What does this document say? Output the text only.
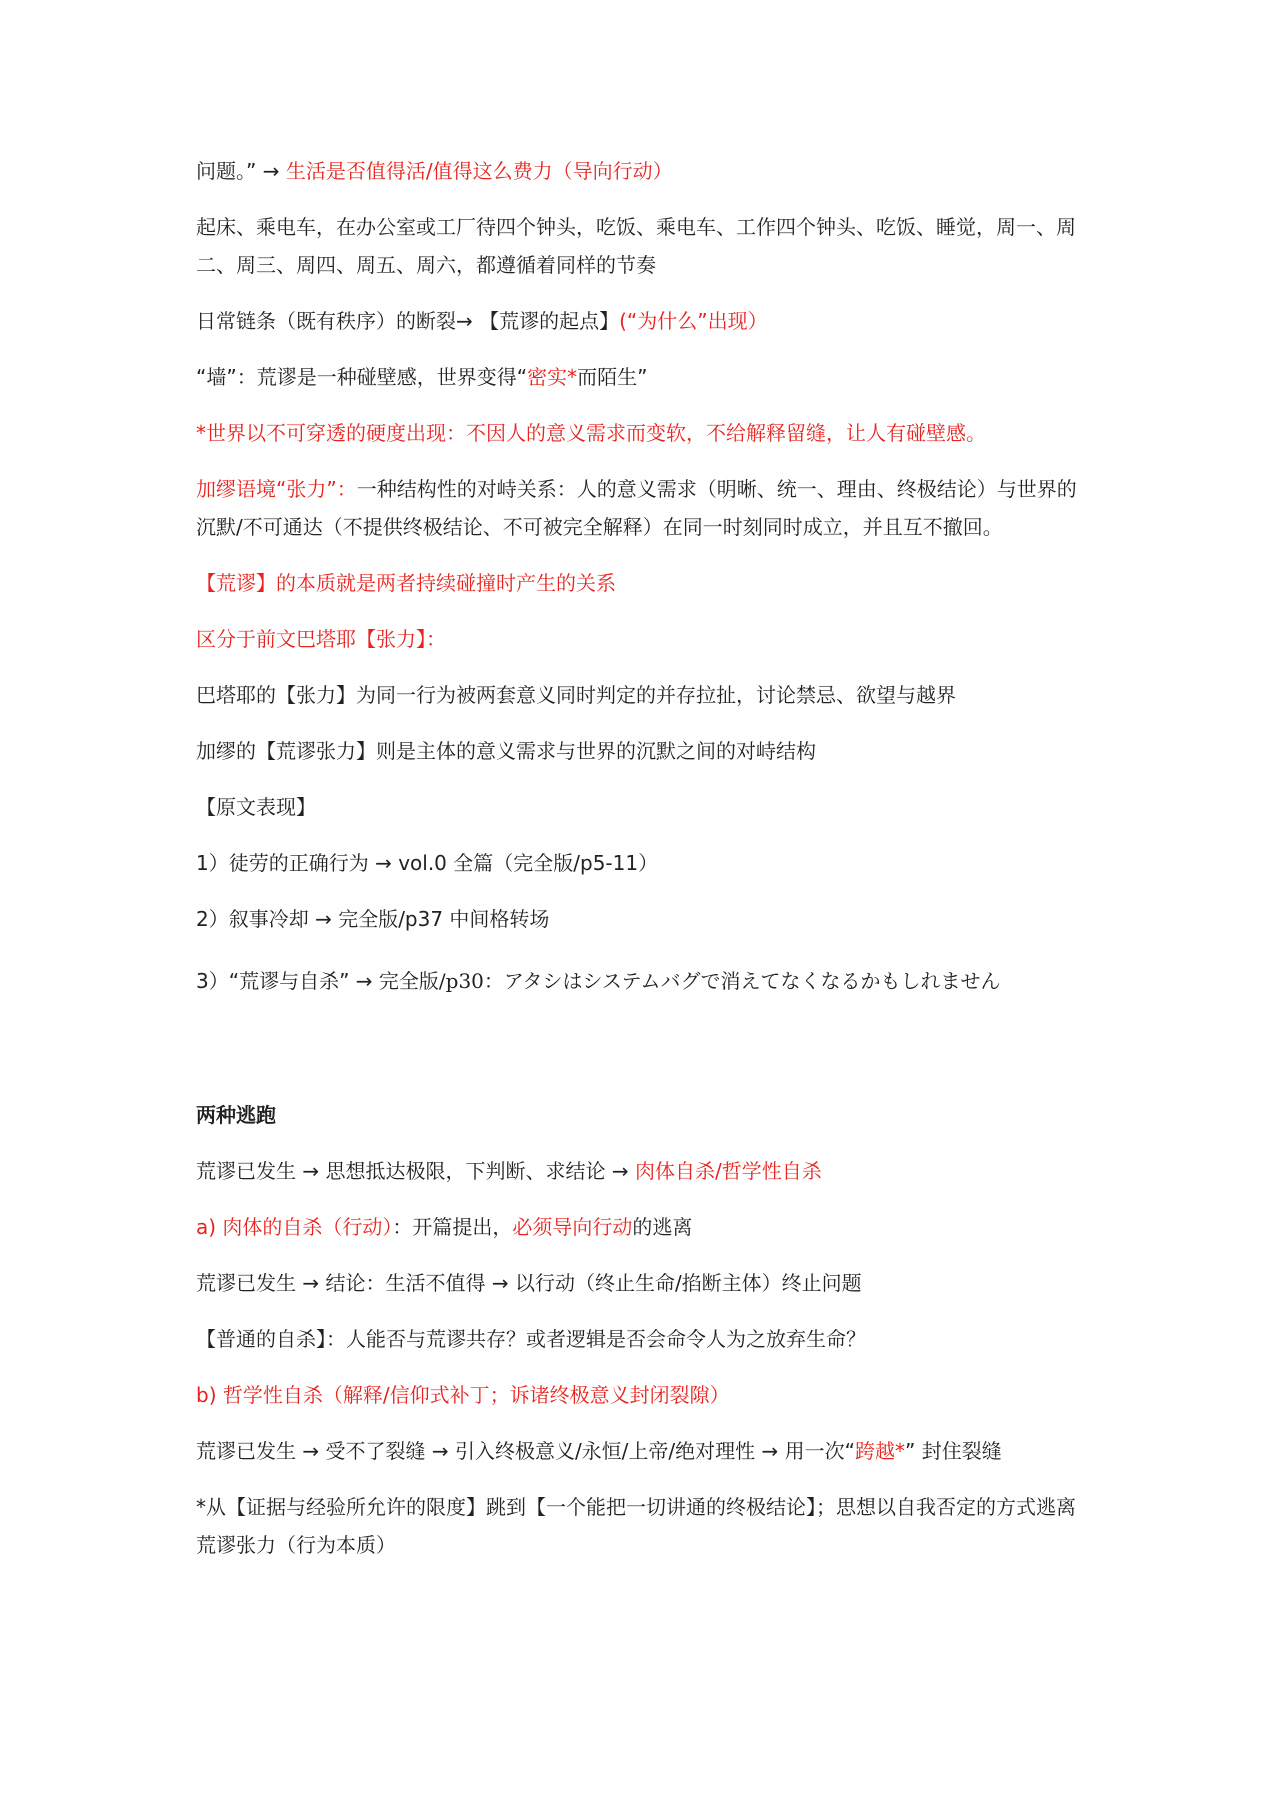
问题。” → 生活是否值得活/值得这么费力（导向行动）

起床、乘电车，在办公室或工厂待四个钟头，吃饭、乘电车、工作四个钟头、吃饭、睡觉，周一、周二、周三、周四、周五、周六，都遵循着同样的节奏

日常链条（既有秩序）的断裂→ 【荒谬的起点】(“为什么”出现）

“墙”：荒谬是一种碰壁感，世界变得“密实*而陌生”

*世界以不可穿透的硬度出现：不因人的意义需求而变软，不给解释留缝，让人有碰壁感。

加缪语境“张力”：一种结构性的对峙关系：人的意义需求（明晰、统一、理由、终极结论）与世界的沉默/不可通达（不提供终极结论、不可被完全解释）在同一时刻同时成立，并且互不撤回。

【荒谬】的本质就是两者持续碰撞时产生的关系

区分于前文巴塔耶【张力】：

巴塔耶的【张力】为同一行为被两套意义同时判定的并存拉扯，讨论禁忌、欲望与越界

加缪的【荒谬张力】则是主体的意义需求与世界的沉默之间的对峙结构

【原文表现】

1）徒劳的正确行为 → vol.0 全篇（完全版/p5-11）

2）叙事冷却 → 完全版/p37 中间格转场

3）“荒谬与自杀” → 完全版/p30：アタシはシステムバグで消えてなくなるかもしれません

两种逃跑

荒谬已发生 → 思想抵达极限，下判断、求结论 → 肉体自杀/哲学性自杀

a) 肉体的自杀（行动）：开篇提出，必须导向行动的逃离

荒谬已发生 → 结论：生活不值得 → 以行动（终止生命/掐断主体）终止问题

【普通的自杀】：人能否与荒谬共存？或者逻辑是否会命令人为之放弃生命？

b) 哲学性自杀（解释/信仰式补丁；诉诸终极意义封闭裂隙）

荒谬已发生 → 受不了裂缝 → 引入终极意义/永恒/上帝/绝对理性 → 用一次“跨越*” 封住裂缝

*从【证据与经验所允许的限度】跳到【一个能把一切讲通的终极结论】；思想以自我否定的方式逃离荒谬张力（行为本质）
